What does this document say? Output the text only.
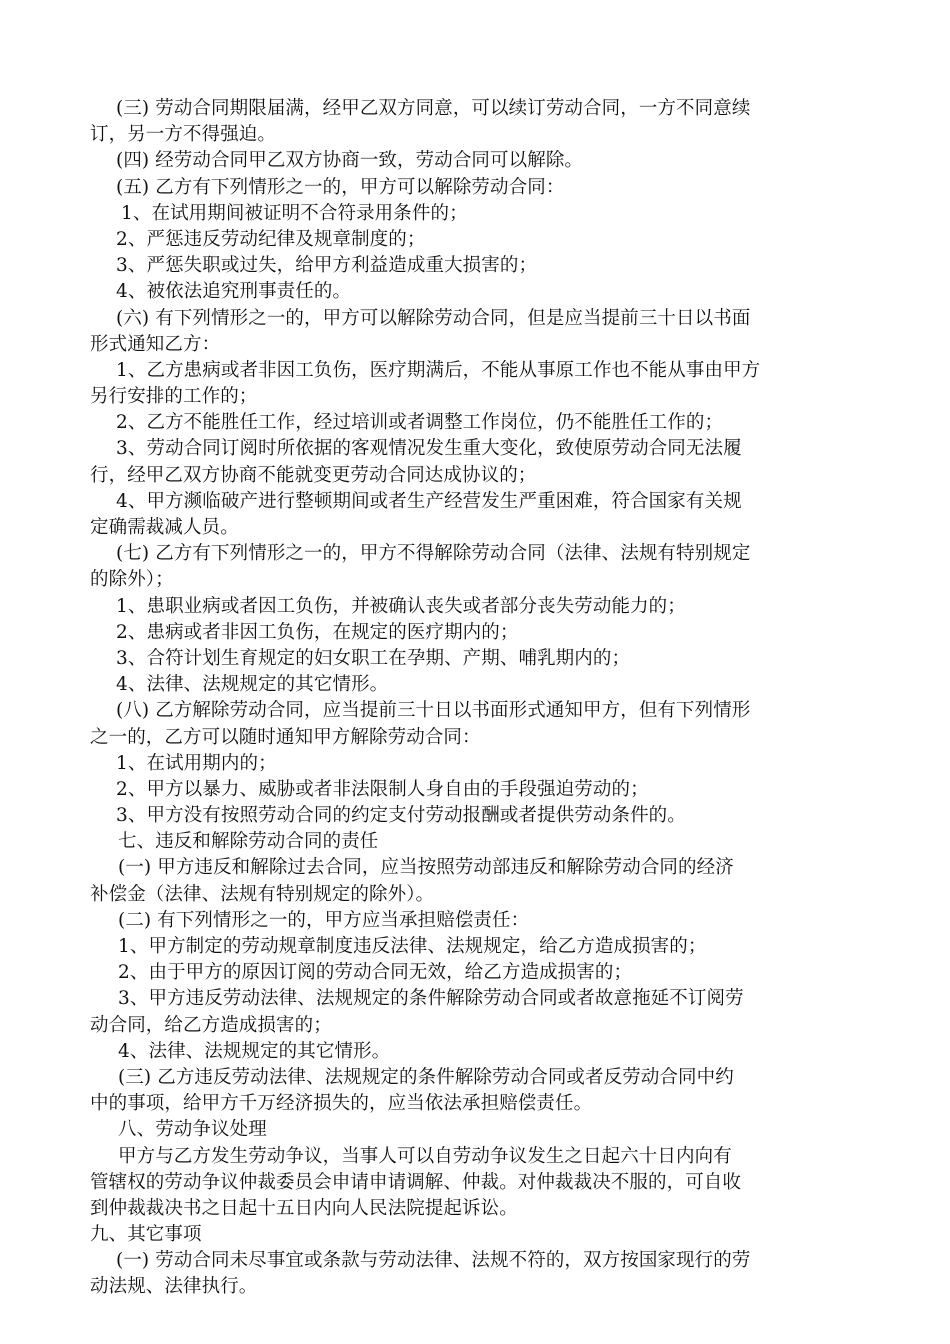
(三) 劳动合同期限届满，经甲乙双方同意，可以续订劳动合同，一方不同意续
订，另一方不得强迫。
(四) 经劳动合同甲乙双方协商一致，劳动合同可以解除。
(五) 乙方有下列情形之一的，甲方可以解除劳动合同：
1、在试用期间被证明不合符录用条件的；
2、严惩违反劳动纪律及规章制度的；
3、严惩失职或过失，给甲方利益造成重大损害的；
4、被依法追究刑事责任的。
(六) 有下列情形之一的，甲方可以解除劳动合同，但是应当提前三十日以书面
形式通知乙方：
1、乙方患病或者非因工负伤，医疗期满后，不能从事原工作也不能从事由甲方
另行安排的工作的；
2、乙方不能胜任工作，经过培训或者调整工作岗位，仍不能胜任工作的；
3、劳动合同订阅时所依据的客观情况发生重大变化，致使原劳动合同无法履
行，经甲乙双方协商不能就变更劳动合同达成协议的；
4、甲方濒临破产进行整顿期间或者生产经营发生严重困难，符合国家有关规
定确需裁减人员。
(七) 乙方有下列情形之一的，甲方不得解除劳动合同（法律、法规有特别规定
的除外）；
1、患职业病或者因工负伤，并被确认丧失或者部分丧失劳动能力的；
2、患病或者非因工负伤，在规定的医疗期内的；
3、合符计划生育规定的妇女职工在孕期、产期、哺乳期内的；
4、法律、法规规定的其它情形。
(八) 乙方解除劳动合同，应当提前三十日以书面形式通知甲方，但有下列情形
之一的，乙方可以随时通知甲方解除劳动合同：
1、在试用期内的；
2、甲方以暴力、威胁或者非法限制人身自由的手段强迫劳动的；
3、甲方没有按照劳动合同的约定支付劳动报酬或者提供劳动条件的。
七、违反和解除劳动合同的责任
(一) 甲方违反和解除过去合同，应当按照劳动部违反和解除劳动合同的经济
补偿金（法律、法规有特别规定的除外）。
(二) 有下列情形之一的，甲方应当承担赔偿责任：
1、甲方制定的劳动规章制度违反法律、法规规定，给乙方造成损害的；
2、由于甲方的原因订阅的劳动合同无效，给乙方造成损害的；
3、甲方违反劳动法律、法规规定的条件解除劳动合同或者故意拖延不订阅劳
动合同，给乙方造成损害的；
4、法律、法规规定的其它情形。
(三) 乙方违反劳动法律、法规规定的条件解除劳动合同或者反劳动合同中约
中的事项，给甲方千万经济损失的，应当依法承担赔偿责任。
八、劳动争议处理
甲方与乙方发生劳动争议，当事人可以自劳动争议发生之日起六十日内向有
管辖权的劳动争议仲裁委员会申请申请调解、仲裁。对仲裁裁决不服的，可自收
到仲裁裁决书之日起十五日内向人民法院提起诉讼。
九、其它事项
(一) 劳动合同未尽事宜或条款与劳动法律、法规不符的，双方按国家现行的劳
动法规、法律执行。
